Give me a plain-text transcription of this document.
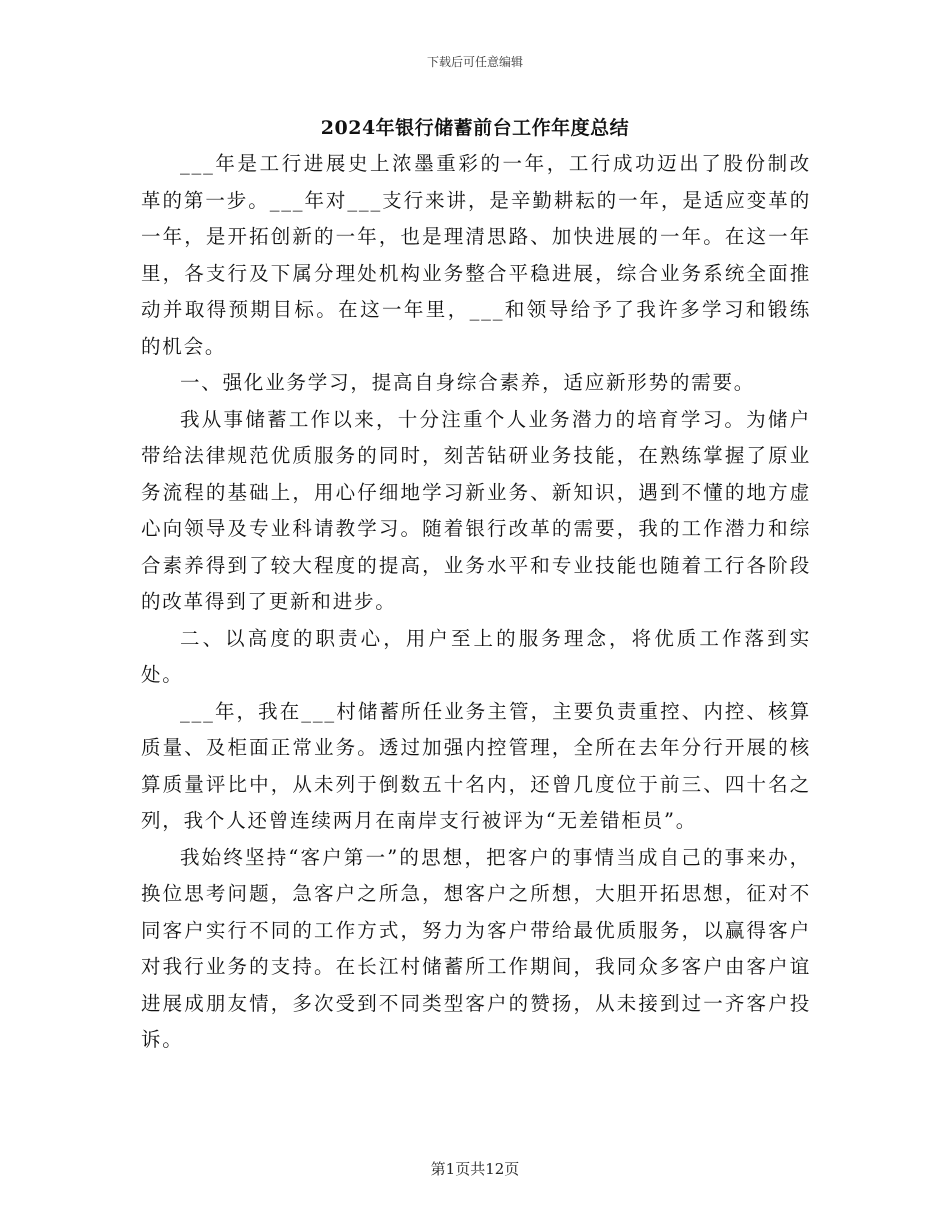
下载后可任意编辑
2024年银行储蓄前台工作年度总结

___年是工行进展史上浓墨重彩的一年，工行成功迈出了股份制改革的第一步。___年对___支行来讲，是辛勤耕耘的一年，是适应变革的一年，是开拓创新的一年，也是理清思路、加快进展的一年。在这一年里，各支行及下属分理处机构业务整合平稳进展，综合业务系统全面推动并取得预期目标。在这一年里，___和领导给予了我许多学习和锻练的机会。

一、强化业务学习，提高自身综合素养，适应新形势的需要。

我从事储蓄工作以来，十分注重个人业务潜力的培育学习。为储户带给法律规范优质服务的同时，刻苦钻研业务技能，在熟练掌握了原业务流程的基础上，用心仔细地学习新业务、新知识，遇到不懂的地方虚心向领导及专业科请教学习。随着银行改革的需要，我的工作潜力和综合素养得到了较大程度的提高，业务水平和专业技能也随着工行各阶段的改革得到了更新和进步。

二、以高度的职责心，用户至上的服务理念，将优质工作落到实处。

___年，我在___村储蓄所任业务主管，主要负责重控、内控、核算质量、及柜面正常业务。透过加强内控管理，全所在去年分行开展的核算质量评比中，从未列于倒数五十名内，还曾几度位于前三、四十名之列，我个人还曾连续两月在南岸支行被评为“无差错柜员”。

我始终坚持“客户第一”的思想，把客户的事情当成自己的事来办，换位思考问题，急客户之所急，想客户之所想，大胆开拓思想，征对不同客户实行不同的工作方式，努力为客户带给最优质服务，以赢得客户对我行业务的支持。在长江村储蓄所工作期间，我同众多客户由客户谊进展成朋友情，多次受到不同类型客户的赞扬，从未接到过一齐客户投诉。

第1页共12页
